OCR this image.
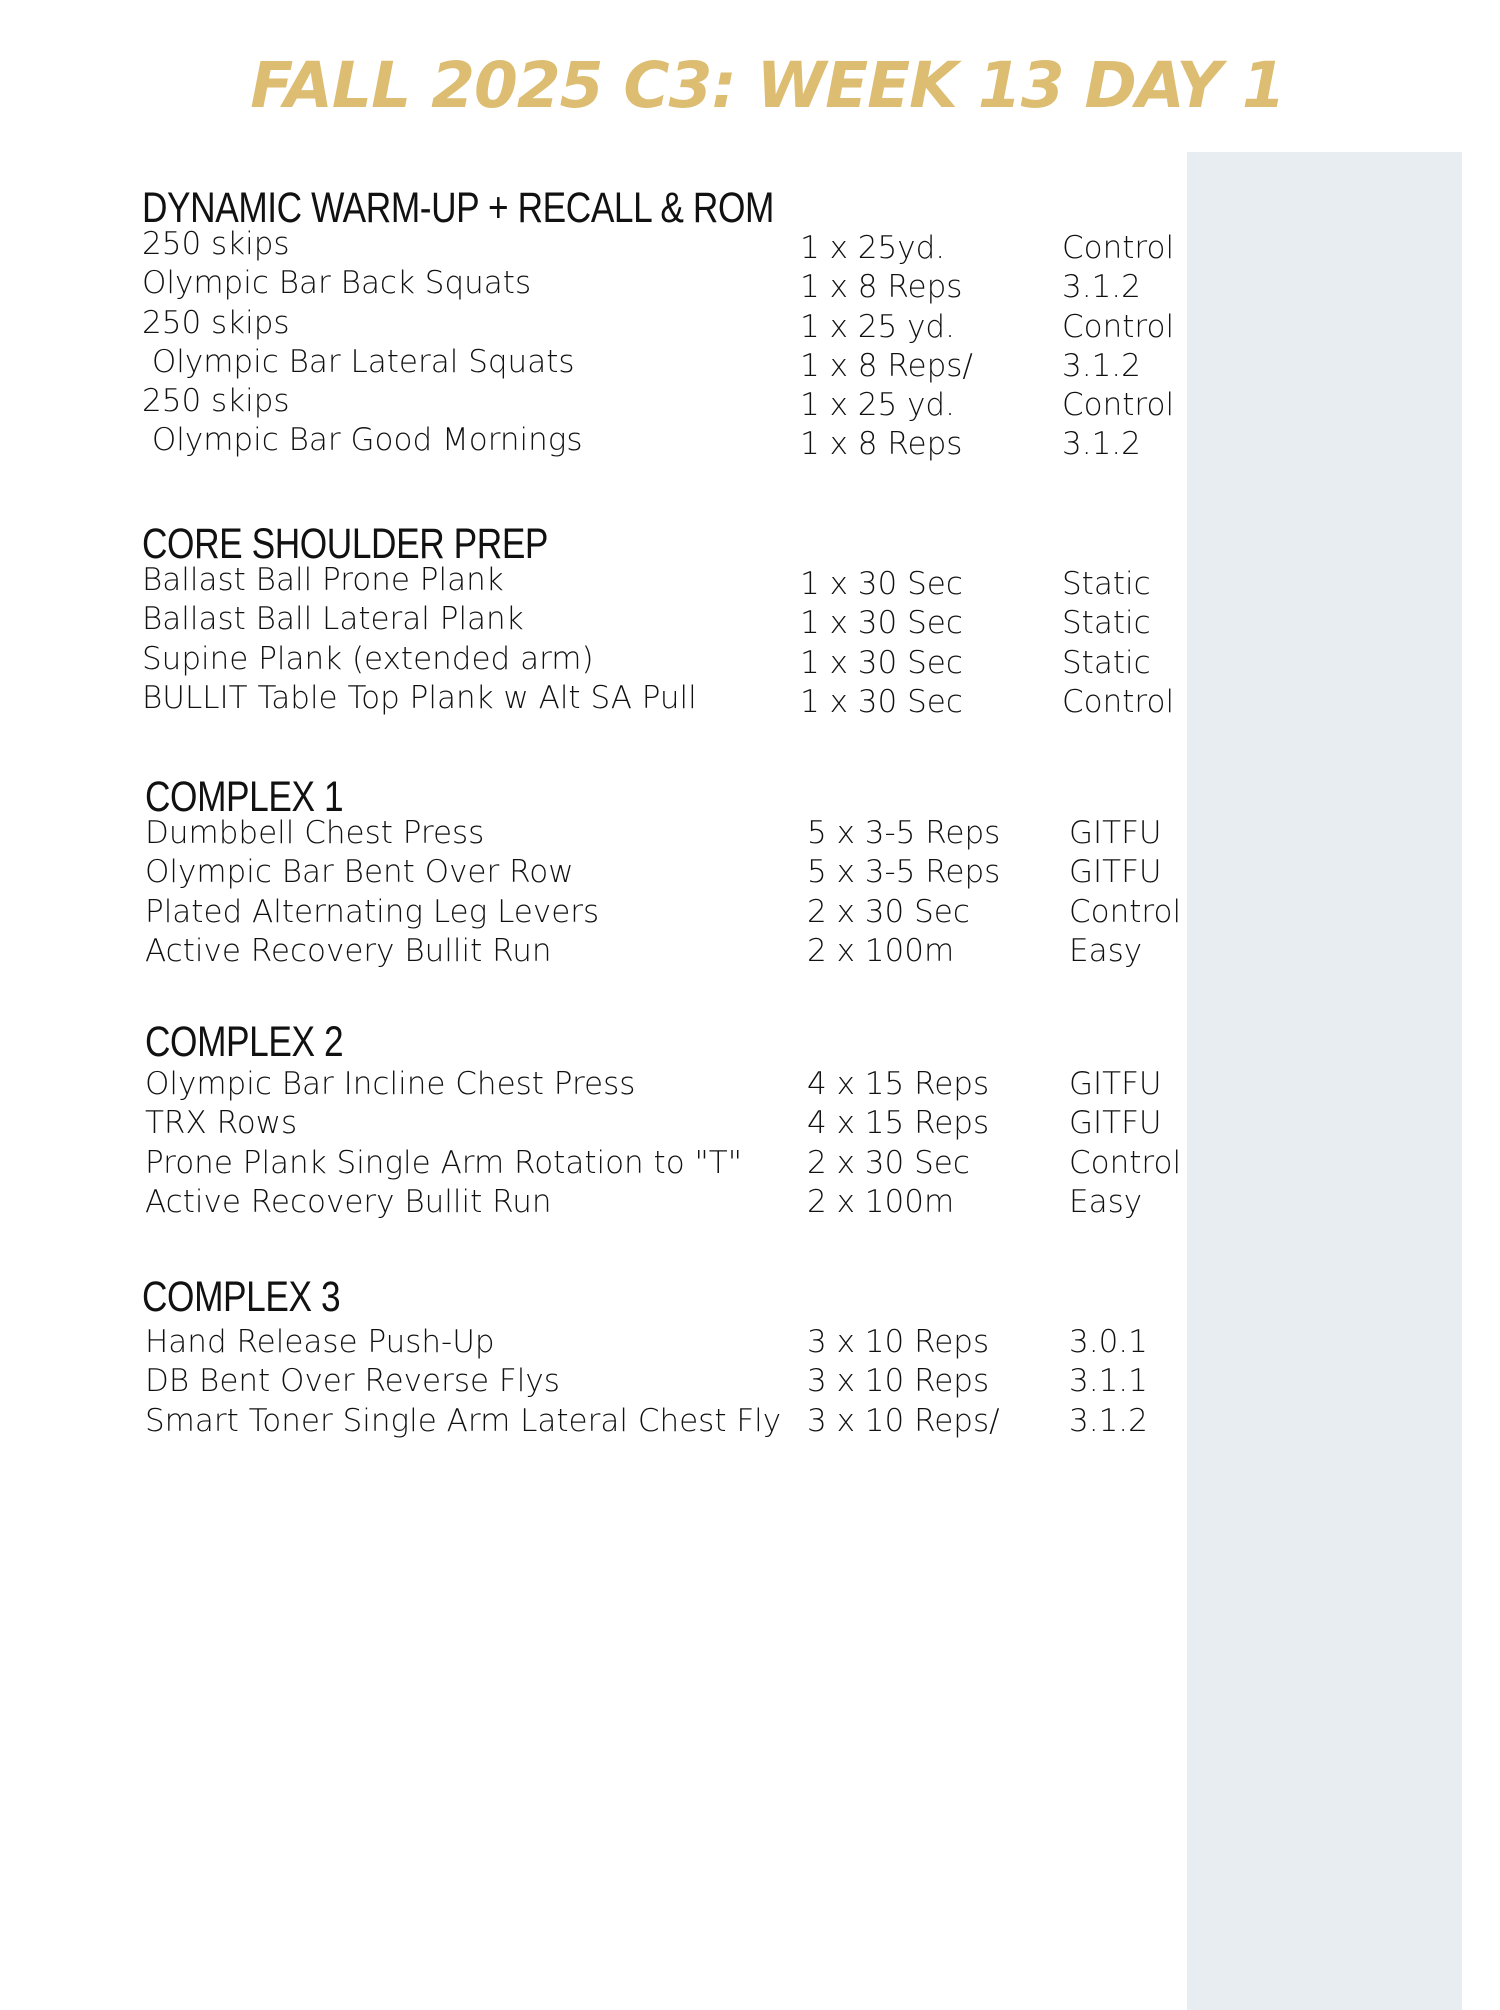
FALL 2025 C3: WEEK 13 DAY 1
DYNAMIC WARM-UP + RECALL & ROM
250 skips	1 x 25yd.	Control
Olympic Bar Back Squats	1 x 8 Reps	3.1.2
250 skips	1 x 25 yd.	Control
Olympic Bar Lateral Squats	1 x 8 Reps/	3.1.2
250 skips	1 x 25 yd.	Control
Olympic Bar Good Mornings	1 x 8 Reps	3.1.2
CORE SHOULDER PREP
Ballast Ball Prone Plank	1 x 30 Sec	Static
Ballast Ball Lateral Plank	1 x 30 Sec	Static
Supine Plank (extended arm)	1 x 30 Sec	Static
BULLIT Table Top Plank w Alt SA Pull	1 x 30 Sec	Control
COMPLEX 1
Dumbbell Chest Press	5 x 3-5 Reps GITFU
Olympic Bar Bent Over Row	5 x 3-5 Reps GITFU
Plated Alternating Leg Levers	2 x 30 Sec	Control
Active Recovery Bullit Run	2 x 100m	Easy
COMPLEX 2
Olympic Bar Incline Chest Press	4 x 15 Reps	GITFU
TRX Rows	4 x 15 Reps	GITFU
Prone Plank Single Arm Rotation to "T" 2 x 30 Sec	Control
Active Recovery Bullit Run	2 x 100m	Easy
COMPLEX 3
Hand Release Push-Up	3 x 10 Reps	3.0.1
DB Bent Over Reverse Flys	3 x 10 Reps	3.1.1
Smart Toner Single Arm Lateral Chest Fly 3 x 10 Reps/ 3.1.2
